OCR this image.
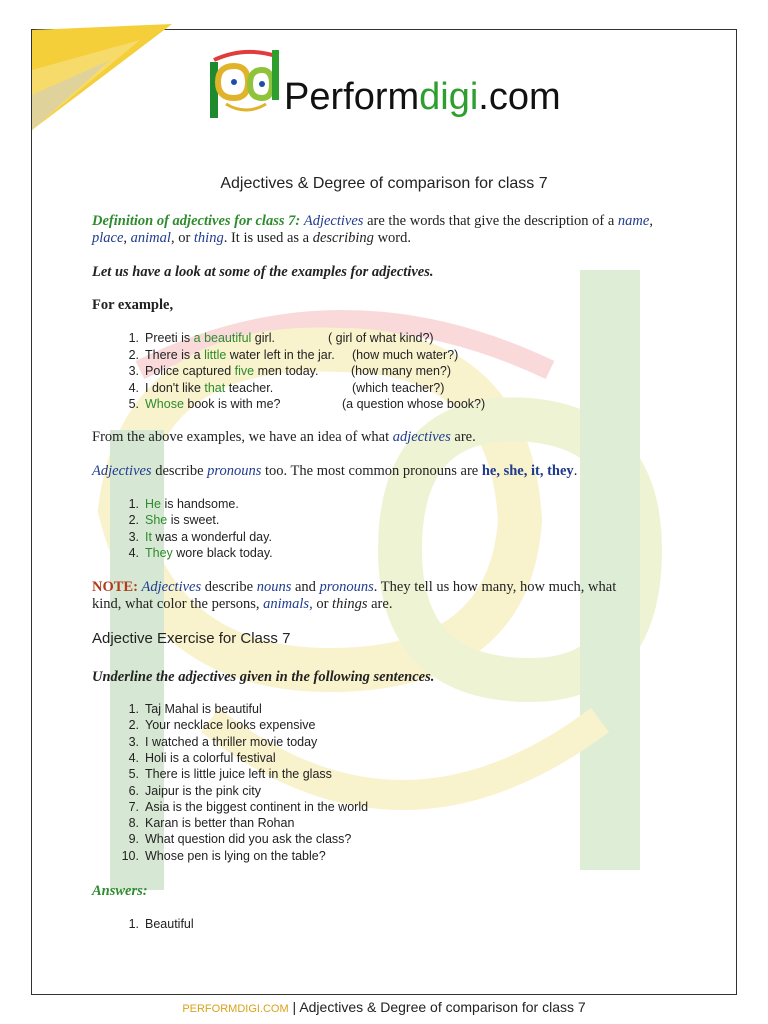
Performdigi.com
Adjectives & Degree of comparison for class 7
Definition of adjectives for class 7: Adjectives are the words that give the description of a name, place, animal, or thing. It is used as a describing word.
Let us have a look at some of the examples for adjectives.
For example,
1. Preeti is a beautiful girl.	( girl of what kind?)
2. There is a little water left in the jar. (how much water?)
3. Police captured five men today.	(how many men?)
4. I don't like that teacher.	(which teacher?)
5. Whose book is with me?	(a question whose book?)
From the above examples, we have an idea of what adjectives are.
Adjectives describe pronouns too. The most common pronouns are he, she, it, they.
1. He is handsome.
2. She is sweet.
3. It was a wonderful day.
4. They wore black today.
NOTE: Adjectives describe nouns and pronouns. They tell us how many, how much, what
kind, what color the persons, animals, or things are.
Adjective Exercise for Class 7
Underline the adjectives given in the following sentences.
1. Taj Mahal is beautiful
2. Your necklace looks expensive
3. I watched a thriller movie today
4. Holi is a colorful festival
5. There is little juice left in the glass
6. Jaipur is the pink city
7. Asia is the biggest continent in the world
8. Karan is better than Rohan
9. What question did you ask the class?
10. Whose pen is lying on the table?
Answers:
1. Beautiful
PERFORMDIGI.COM | Adjectives & Degree of comparison for class 7
